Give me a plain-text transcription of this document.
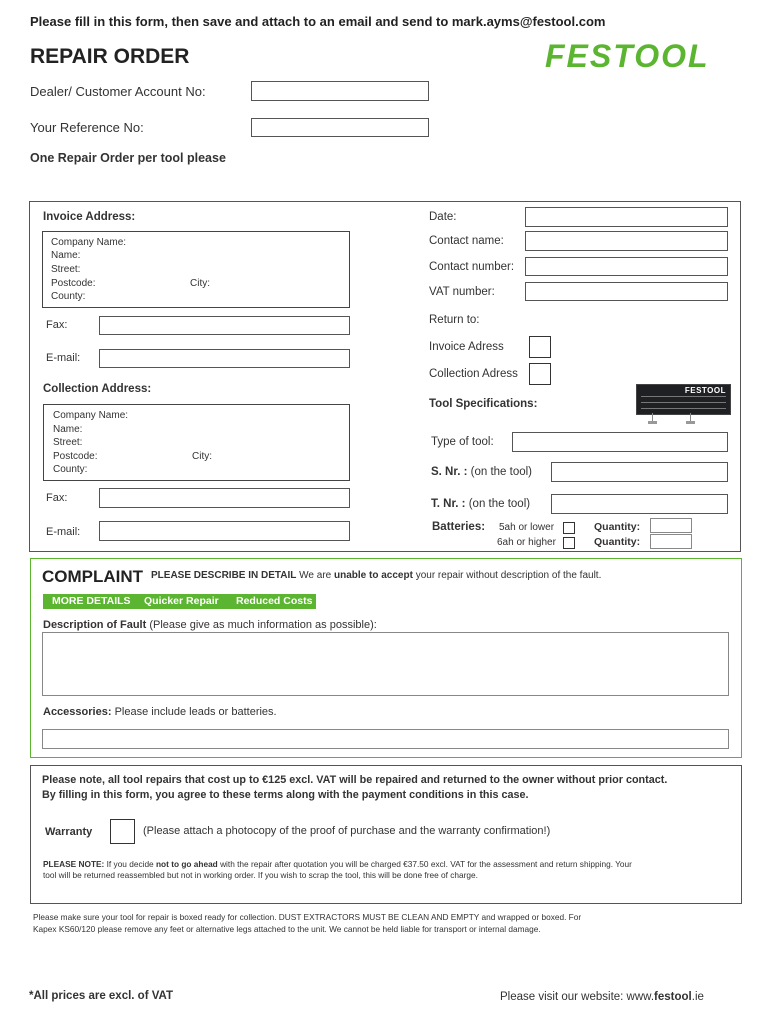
Please fill in this form, then save and attach to an email and send to mark.ayms@festool.com
REPAIR ORDER	FESTOOL
Dealer/ Customer Account No:
Your Reference No:
One Repair Order per tool please
Invoice Address:
Company Name:
Name:
Street:
Postcode:	City:
County:
Fax:
E-mail:
Collection Address:
Company Name:
Name:
Street:
Postcode:	City:
County:
Fax:
E-mail:
Date:
Contact name:
Contact number:
VAT number:
Return to:
Invoice Adress
Collection Adress
Tool Specifications:
FESTOOL
Type of tool:
S. Nr. : (on the tool)
T. Nr. : (on the tool)
Batteries: 5ah or lower
6ah or higher
Quantity:
Quantity:
COMPLAINT PLEASE DESCRIBE IN DETAIL We are unable to accept your repair without description of the fault.
MORE DETAILS Quicker Repair Reduced Costs
Description of Fault (Please give as much information as possible):
Accessories: Please include leads or batteries.
Please note, all tool repairs that cost up to €125 excl. VAT will be repaired and returned to the owner without prior contact.
By filling in this form, you agree to these terms along with the payment conditions in this case.
Warranty	(Please attach a photocopy of the proof of purchase and the warranty confirmation!)
PLEASE NOTE: If you decide not to go ahead with the repair after quotation you will be charged €37.50 excl. VAT for the assessment and return shipping. Your
tool will be returned reassembled but not in working order. If you wish to scrap the tool, this will be done free of charge.
Please make sure your tool for repair is boxed ready for collection. DUST EXTRACTORS MUST BE CLEAN AND EMPTY and wrapped or boxed. For
Kapex KS60/120 please remove any feet or alternative legs attached to the unit. We cannot be held liable for transport or internal damage.
*All prices are excl. of VAT	Please visit our website: www.festool.ie
